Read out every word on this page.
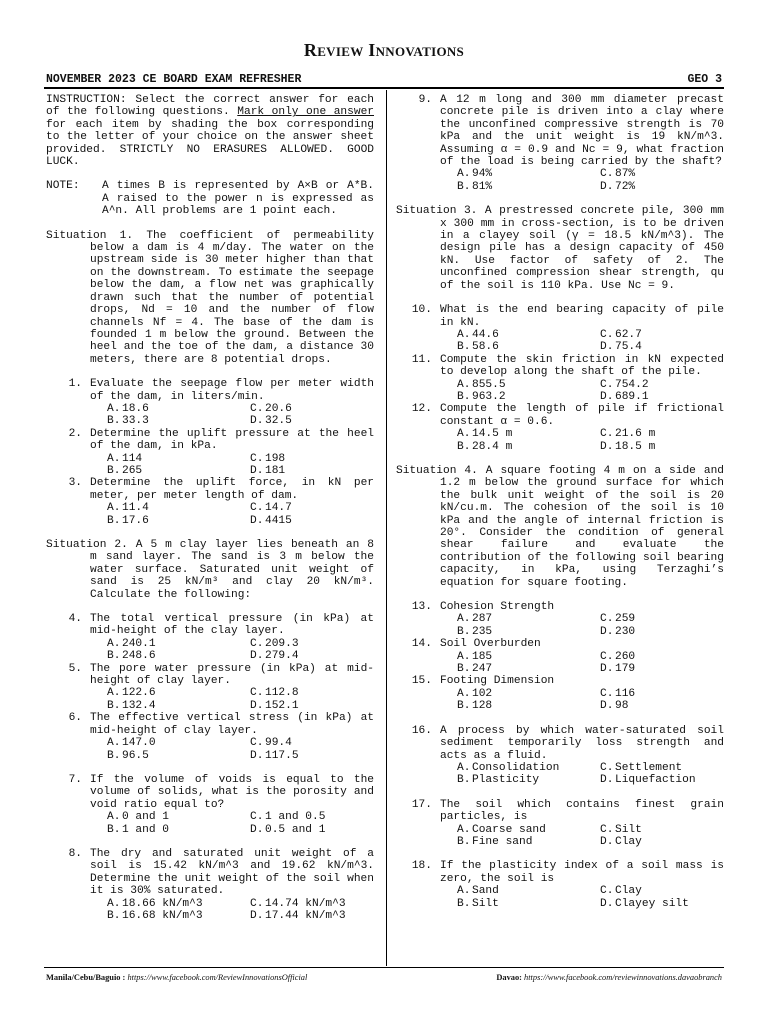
Review Innovations
NOVEMBER 2023 CE BOARD EXAM REFRESHER	GEO 3
INSTRUCTION: Select the correct answer for each of the following questions. Mark only one answer for each item by shading the box corresponding to the letter of your choice on the answer sheet provided. STRICTLY NO ERASURES ALLOWED. GOOD LUCK.
NOTE:	A times B is represented by A×B or A*B. A raised to the power n is expressed as A^n. All problems are 1 point each.
Situation 1. The coefficient of permeability below a dam is 4 m/day. The water on the upstream side is 30 meter higher than that on the downstream. To estimate the seepage below the dam, a flow net was graphically drawn such that the number of potential drops, Nd = 10 and the number of flow channels Nf = 4. The base of the dam is founded 1 m below the ground. Between the heel and the toe of the dam, a distance 30 meters, there are 8 potential drops.
1. Evaluate the seepage flow per meter width of the dam, in liters/min.
A. 18.6	C. 20.6
B. 33.3	D. 32.5
2. Determine the uplift pressure at the heel of the dam, in kPa.
A. 114	C. 198
B. 265	D. 181
3. Determine the uplift force, in kN per meter, per meter length of dam.
A. 11.4	C. 14.7
B. 17.6	D. 4415
Situation 2. A 5 m clay layer lies beneath an 8 m sand layer. The sand is 3 m below the water surface. Saturated unit weight of sand is 25 kN/m³ and clay 20 kN/m³. Calculate the following:
4. The total vertical pressure (in kPa) at mid-height of the clay layer.
A. 240.1	C. 209.3
B. 248.6	D. 279.4
5. The pore water pressure (in kPa) at mid-height of clay layer.
A. 122.6	C. 112.8
B. 132.4	D. 152.1
6. The effective vertical stress (in kPa) at mid-height of clay layer.
A. 147.0	C. 99.4
B. 96.5	D. 117.5
7. If the volume of voids is equal to the volume of solids, what is the porosity and void ratio equal to?
A. 0 and 1	C. 1 and 0.5
B. 1 and 0	D. 0.5 and 1
8. The dry and saturated unit weight of a soil is 15.42 kN/m^3 and 19.62 kN/m^3. Determine the unit weight of the soil when it is 30% saturated.
A. 18.66 kN/m^3	C. 14.74 kN/m^3
B. 16.68 kN/m^3	D. 17.44 kN/m^3
9. A 12 m long and 300 mm diameter precast concrete pile is driven into a clay where the unconfined compressive strength is 70 kPa and the unit weight is 19 kN/m^3. Assuming α = 0.9 and Nc = 9, what fraction of the load is being carried by the shaft?
A. 94%	C. 87%
B. 81%	D. 72%
Situation 3. A prestressed concrete pile, 300 mm x 300 mm in cross-section, is to be driven in a clayey soil (γ = 18.5 kN/m^3). The design pile has a design capacity of 450 kN. Use factor of safety of 2. The unconfined compression shear strength, qu of the soil is 110 kPa. Use Nc = 9.
10. What is the end bearing capacity of pile in kN.
A. 44.6	C. 62.7
B. 58.6	D. 75.4
11. Compute the skin friction in kN expected to develop along the shaft of the pile.
A. 855.5	C. 754.2
B. 963.2	D. 689.1
12. Compute the length of pile if frictional constant α = 0.6.
A. 14.5 m	C. 21.6 m
B. 28.4 m	D. 18.5 m
Situation 4. A square footing 4 m on a side and 1.2 m below the ground surface for which the bulk unit weight of the soil is 20 kN/cu.m. The cohesion of the soil is 10 kPa and the angle of internal friction is 20°. Consider the condition of general shear failure and evaluate the contribution of the following soil bearing capacity, in kPa, using Terzaghi’s equation for square footing.
13. Cohesion Strength
A. 287	C. 259
B. 235	D. 230
14. Soil Overburden
A. 185	C. 260
B. 247	D. 179
15. Footing Dimension
A. 102	C. 116
B. 128	D. 98
16. A process by which water-saturated soil sediment temporarily loss strength and acts as a fluid.
A. Consolidation	C. Settlement
B. Plasticity	D. Liquefaction
17. The soil which contains finest grain particles, is
A. Coarse sand	C. Silt
B. Fine sand	D. Clay
18. If the plasticity index of a soil mass is zero, the soil is
A. Sand	C. Clay
B. Silt	D. Clayey silt
Manila/Cebu/Baguio : https://www.facebook.com/ReviewInnovationsOfficial	Davao: https://www.facebook.com/reviewinnovations.davaobranch
